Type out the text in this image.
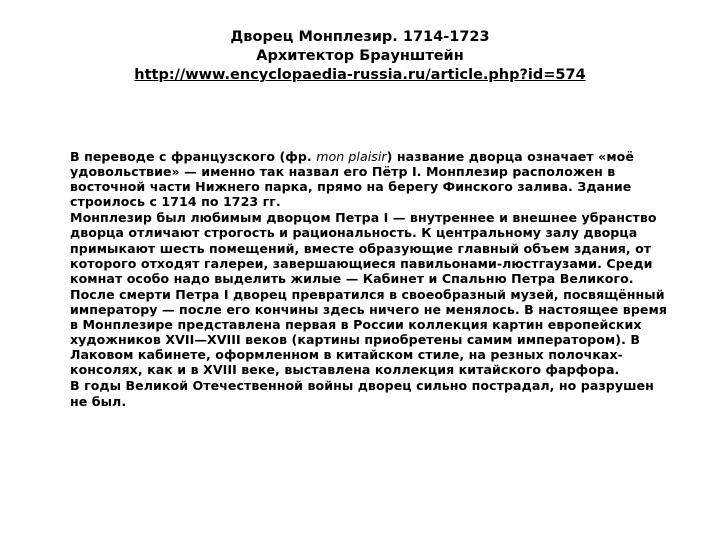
Дворец Монплезир. 1714-1723
Архитектор Браунштейн
http://www.encyclopaedia-russia.ru/article.php?id=574

В переводе с французского (фр. mon plaisir) название дворца означает «моё удовольствие» — именно так назвал его Пётр I. Монплезир расположен в восточной части Нижнего парка, прямо на берегу Финского залива. Здание строилось с 1714 по 1723 гг.

Монплезир был любимым дворцом Петра I — внутреннее и внешнее убранство дворца отличают строгость и рациональность. К центральному залу дворца примыкают шесть помещений, вместе образующие главный объем здания, от которого отходят галереи, завершающиеся павильонами-люстгаузами. Среди комнат особо надо выделить жилые — Кабинет и Спальню Петра Великого.

После смерти Петра I дворец превратился в своеобразный музей, посвящённый императору — после его кончины здесь ничего не менялось. В настоящее время в Монплезире представлена первая в России коллекция картин европейских художников XVII—XVIII веков (картины приобретены самим императором). В Лаковом кабинете, оформленном в китайском стиле, на резных полочках-консолях, как и в XVIII веке, выставлена коллекция китайского фарфора.

В годы Великой Отечественной войны дворец сильно пострадал, но разрушен не был.
